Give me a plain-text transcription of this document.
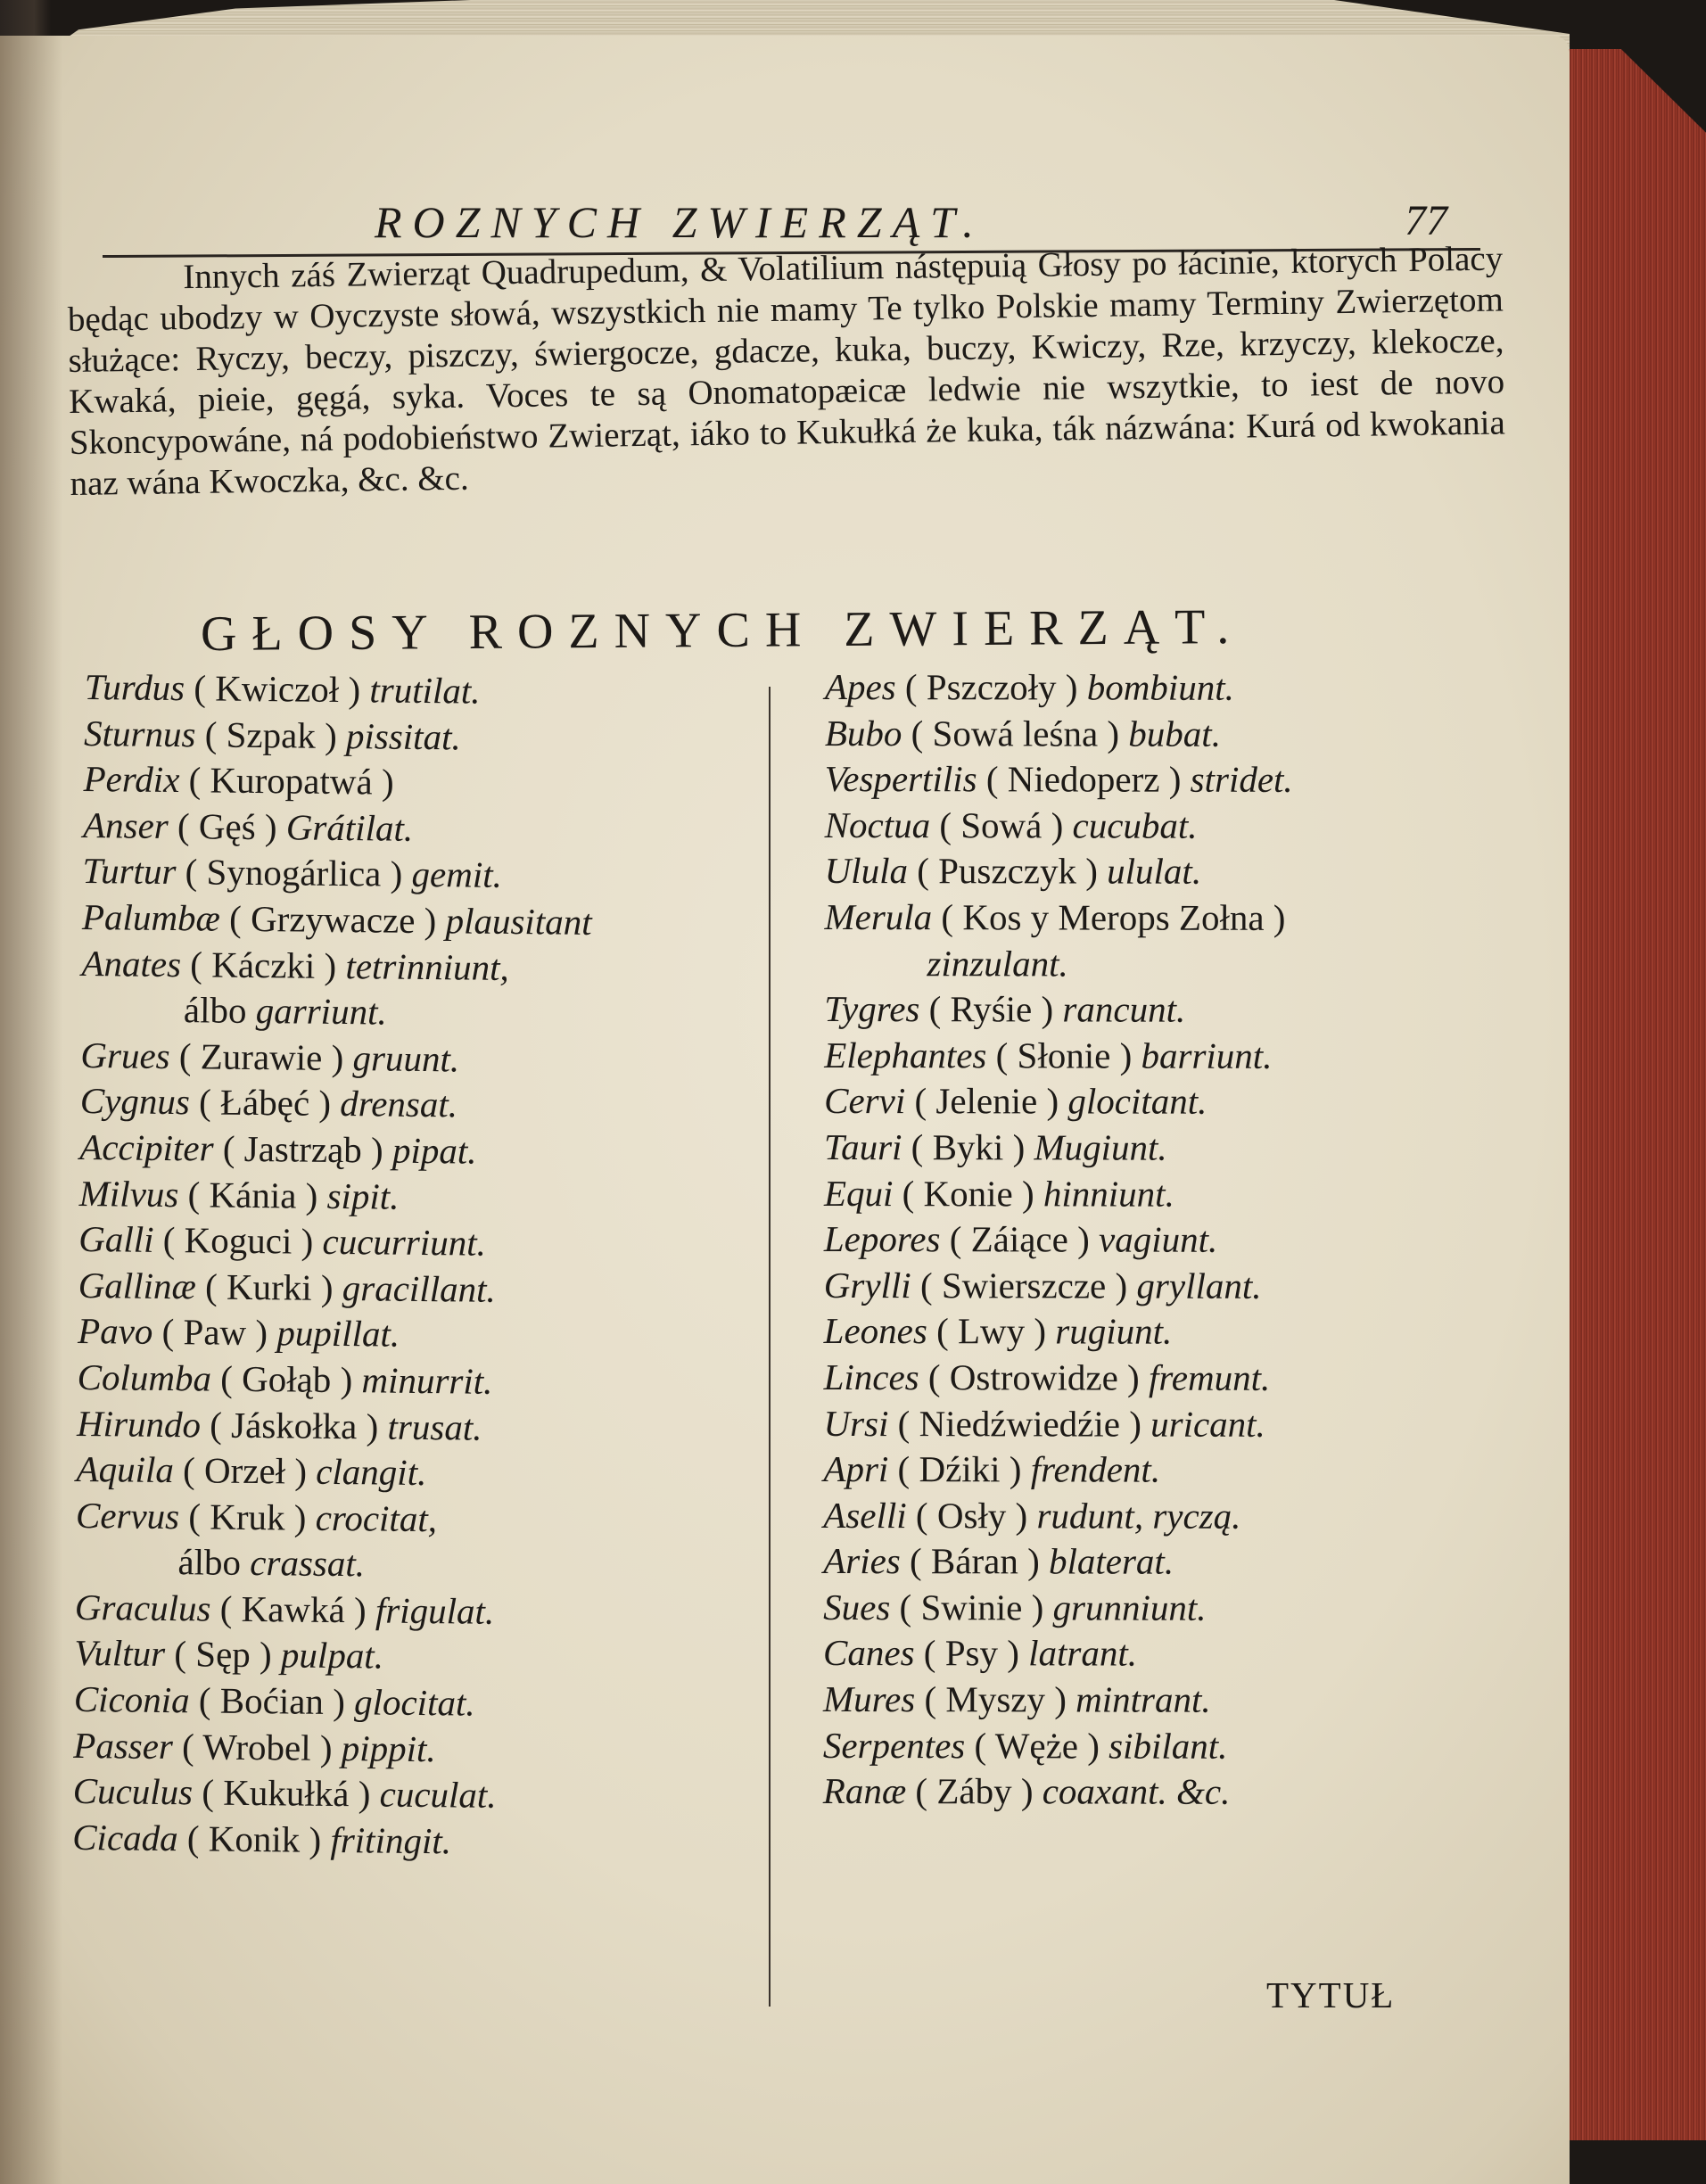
ROZNYCH ZWIERZĄT.	77

Innych záś Zwierząt Quadrupedum, & Volatilium nástępuią Głosy po łácinie, ktorych Polacy będąc ubodzy w Oyczyste słowá, wszystkich nie mamy Te tylko Polskie mamy Terminy Zwierzętom służące: Ryczy, beczy, piszczy, świergocze, gdacze, kuka, buczy, Kwiczy, Rze, krzyczy, klekocze, Kwaká, pieie, gęgá, syka. Voces te są Onomatopæicæ ledwie nie wszytkie, to iest de novo Skoncypowáne, ná podobieństwo Zwierząt, iáko to Kukułká że kuka, ták názwána: Kurá od kwokania naz wána Kwoczka, &c. &c.

GŁOSY ROZNYCH ZWIERZĄT.
Turdus ( Kwiczoł ) trutilat.
Sturnus ( Szpak ) pissitat.
Perdix ( Kuropatwá )
Anser ( Gęś ) Grátilat.
Turtur ( Synogárlica ) gemit.
Palumbæ ( Grzywacze ) plausitant
Anates ( Káczki ) tetrinniunt,
álbo garriunt.
Grues ( Zurawie ) gruunt.
Cygnus ( Łábęć ) drensat.
Accipiter ( Jastrząb ) pipat.
Milvus ( Kánia ) sipit.
Galli ( Koguci ) cucurriunt.
Gallinæ ( Kurki ) gracillant.
Pavo ( Paw ) pupillat.
Columba ( Gołąb ) minurrit.
Hirundo ( Jáskołka ) trusat.
Aquila ( Orzeł ) clangit.
Cervus ( Kruk ) crocitat,
álbo crassat.
Graculus ( Kawká ) frigulat.
Vultur ( Sęp ) pulpat.
Ciconia ( Boćian ) glocitat.
Passer ( Wrobel ) pippit.
Cuculus ( Kukułká ) cuculat.
Cicada ( Konik ) fritingit.
Apes ( Pszczoły ) bombiunt.
Bubo ( Sowá leśna ) bubat.
Vespertilis ( Niedoperz ) stridet.
Noctua ( Sowá ) cucubat.
Ulula ( Puszczyk ) ululat.
Merula ( Kos y Merops Zołna )
zinzulant.
Tygres ( Ryśie ) rancunt.
Elephantes ( Słonie ) barriunt.
Cervi ( Jelenie ) glocitant.
Tauri ( Byki ) Mugiunt.
Equi ( Konie ) hinniunt.
Lepores ( Záiące ) vagiunt.
Grylli ( Swierszcze ) gryllant.
Leones ( Lwy ) rugiunt.
Linces ( Ostrowidze ) fremunt.
Ursi ( Niedźwiedźie ) uricant.
Apri ( Dźiki ) frendent.
Aselli ( Osły ) rudunt, ryczą.
Aries ( Báran ) blaterat.
Sues ( Swinie ) grunniunt.
Canes ( Psy ) latrant.
Mures ( Myszy ) mintrant.
Serpentes ( Węże ) sibilant.
Ranæ ( Záby ) coaxant. &c.
TYTUŁ
